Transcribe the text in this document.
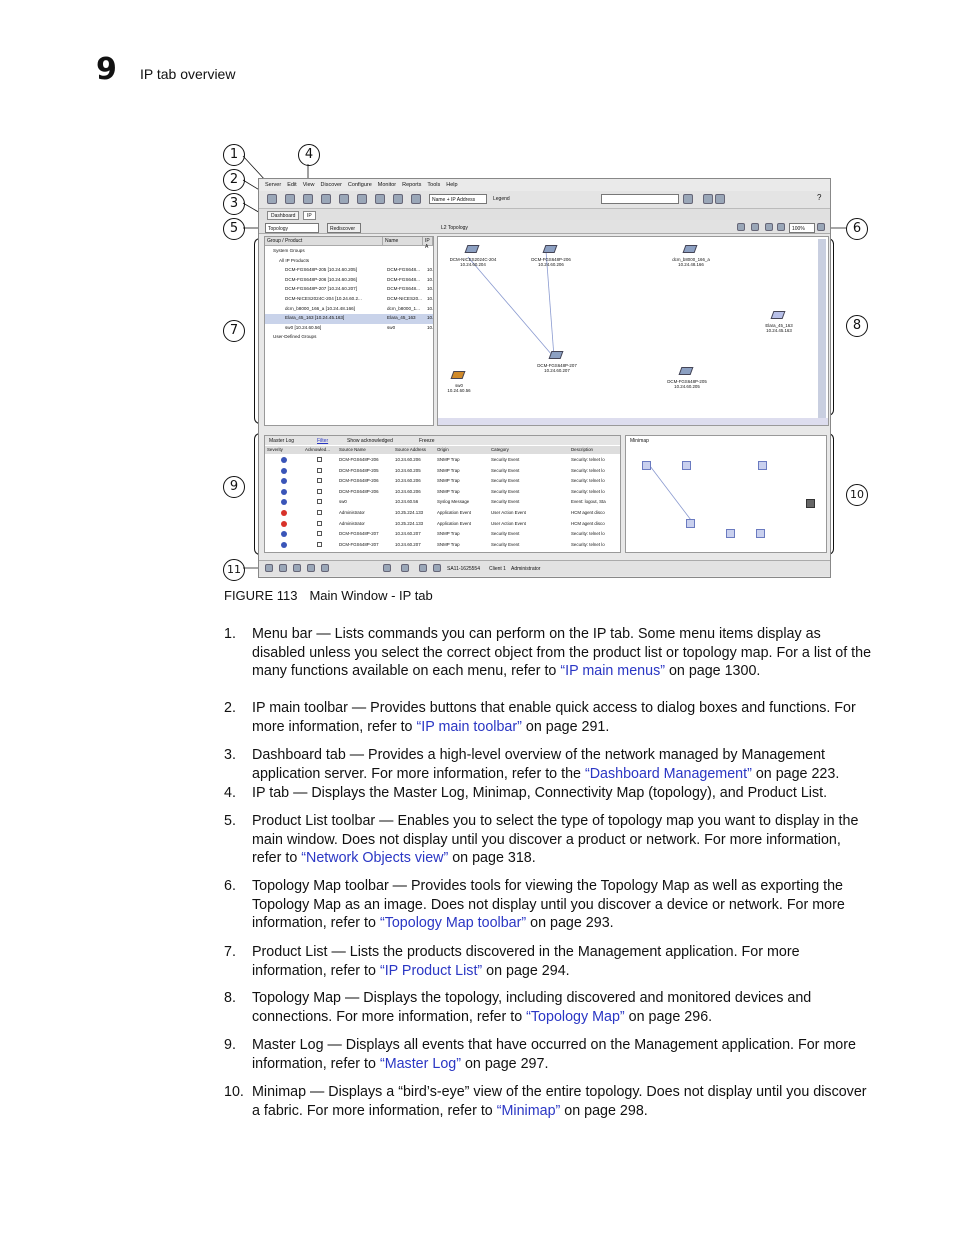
9 IP tab overview
1
2
3
4
5	6
7	8
9
10
11
Server Edit View Discover Configure Monitor Reports Tools Help
Name + IP Address	Legend	?
Dashboard	IP
Topology	Rediscover	L2 Topology	100%
Group / Product	Name	IP A
System Groups
All IP Products
DCM-FGS648P-205 [10.24.60.205]	DCM-FGS648...	10.
DCM-FGS648P-206 [10.24.60.206]	DCM-FGS648...	10.
DCM-FGS648P-207 [10.24.60.207]	DCM-FGS648...	10.
DCM-NICES2024C-204 [10.24.60.2...	DCM-NICES20...	10.
dcm_b8000_166_a [10.24.48.166]	dcm_b8000_1...	10.
Elara_45_163 [10.24.45.163]	Elara_45_163	10.
sw0 [10.24.60.56]	sw0	10.
User-Defined Groups
DCM-NICES2024C-204
10.24.60.204
DCM-FGS648P-206
10.24.60.206
dcm_b8000_166_a
10.24.48.166
Elara_45_163
10.24.45.163
DCM-FGS648P-207
10.24.60.207
sw0
10.24.60.56
DCM-FGS648P-205
10.24.60.205
Master Log	Filter	Show acknowledged	Freeze
Severity	Acknowled...	Source Name	Source Address	Origin	Category	Description
DCM-FGS648P-206	10.24.60.206	SNMP Trap	Security Event	Security: telnet lo
DCM-FGS648P-205	10.24.60.205	SNMP Trap	Security Event	Security: telnet lo
DCM-FGS648P-206	10.24.60.206	SNMP Trap	Security Event	Security: telnet lo
DCM-FGS648P-206	10.24.60.206	SNMP Trap	Security Event	Security: telnet lo
sw0	10.24.60.56	Syslog Message	Security Event	Event: logout, Sta
Administrator	10.25.224.133	Application Event	User Action Event	HCM agent disco
Administrator	10.25.224.133	Application Event	User Action Event	HCM agent disco
DCM-FGS648P-207	10.24.60.207	SNMP Trap	Security Event	Security: telnet lo
DCM-FGS648P-207	10.24.60.207	SNMP Trap	Security Event	Security: telnet lo
Minimap
SA11-1625554 Client 1 Administrator
FIGURE 113 Main Window - IP tab
1.	Menu bar — Lists commands you can perform on the IP tab. Some menu items display as disabled unless you select the correct object from the product list or topology map. For a list of the many functions available on each menu, refer to “IP main menus” on page 1300.
2.	IP main toolbar — Provides buttons that enable quick access to dialog boxes and functions. For more information, refer to “IP main toolbar” on page 291.
3.	Dashboard tab — Provides a high-level overview of the network managed by Management application server. For more information, refer to the “Dashboard Management” on page 223.
4.	IP tab — Displays the Master Log, Minimap, Connectivity Map (topology), and Product List.
5.	Product List toolbar — Enables you to select the type of topology map you want to display in the main window. Does not display until you discover a product or network. For more information, refer to “Network Objects view” on page 318.
6.	Topology Map toolbar — Provides tools for viewing the Topology Map as well as exporting the Topology Map as an image. Does not display until you discover a device or network. For more information, refer to “Topology Map toolbar” on page 293.
7.	Product List — Lists the products discovered in the Management application. For more information, refer to “IP Product List” on page 294.
8.	Topology Map — Displays the topology, including discovered and monitored devices and connections. For more information, refer to “Topology Map” on page 296.
9.	Master Log — Displays all events that have occurred on the Management application. For more information, refer to “Master Log” on page 297.
10. Minimap — Displays a “bird’s-eye” view of the entire topology. Does not display until you discover a fabric. For more information, refer to “Minimap” on page 298.
